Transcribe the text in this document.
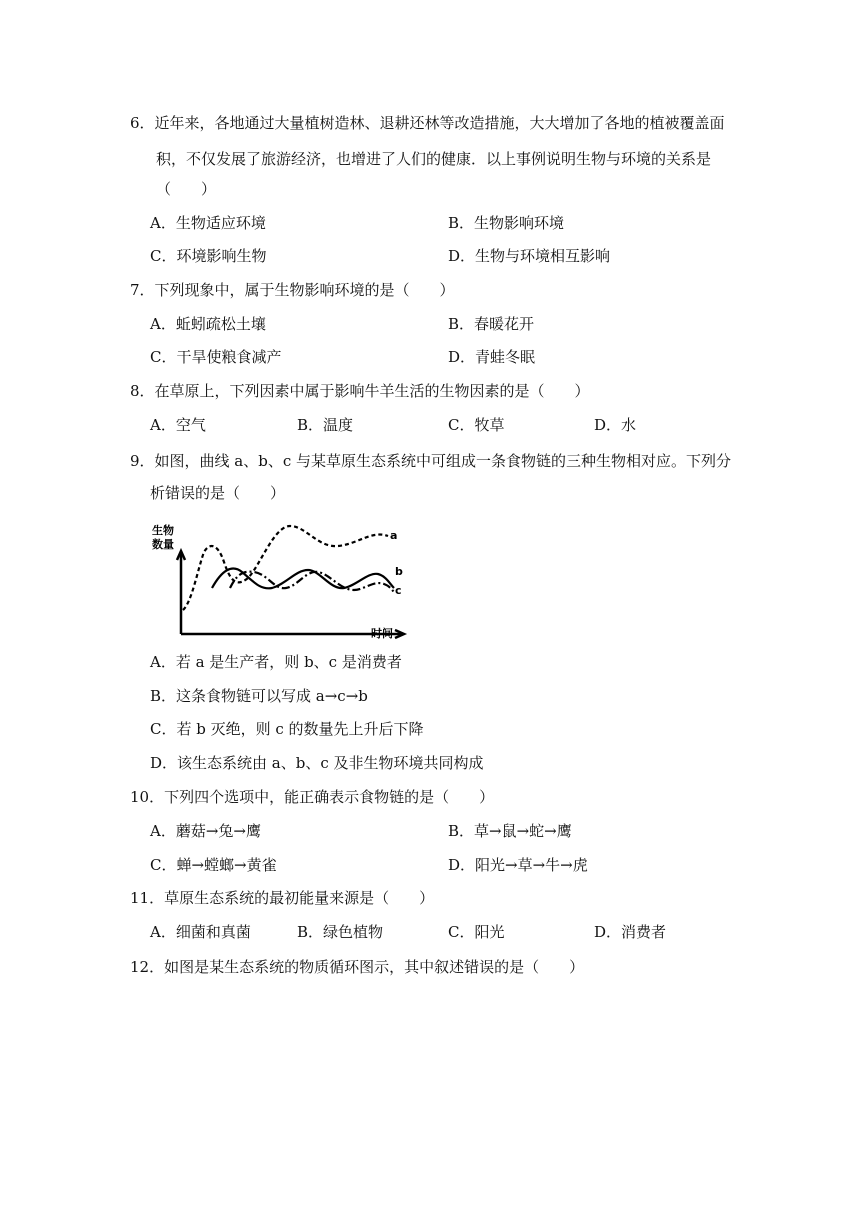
6．近年来，各地通过大量植树造林、退耕还林等改造措施，大大增加了各地的植被覆盖面
积，不仅发展了旅游经济，也增进了人们的健康．以上事例说明生物与环境的关系是
（　　）
A．生物适应环境	B．生物影响环境
C．环境影响生物	D．生物与环境相互影响
7．下列现象中，属于生物影响环境的是（　　）
A．蚯蚓疏松土壤	B．春暖花开
C．干旱使粮食减产	D．青蛙冬眠
8．在草原上，下列因素中属于影响牛羊生活的生物因素的是（　　）
A．空气	B．温度	C．牧草	D．水
9．如图，曲线 a、b、c 与某草原生态系统中可组成一条食物链的三种生物相对应。下列分
析错误的是（　　）
生物
数量
时间
a
b
c
A．若 a 是生产者，则 b、c 是消费者
B．这条食物链可以写成 a→c→b
C．若 b 灭绝，则 c 的数量先上升后下降
D．该生态系统由 a、b、c 及非生物环境共同构成
10．下列四个选项中，能正确表示食物链的是（　　）
A．蘑菇→兔→鹰	B．草→鼠→蛇→鹰
C．蝉→螳螂→黄雀	D．阳光→草→牛→虎
11．草原生态系统的最初能量来源是（　　）
A．细菌和真菌	B．绿色植物	C．阳光	D．消费者
12．如图是某生态系统的物质循环图示，其中叙述错误的是（　　）
